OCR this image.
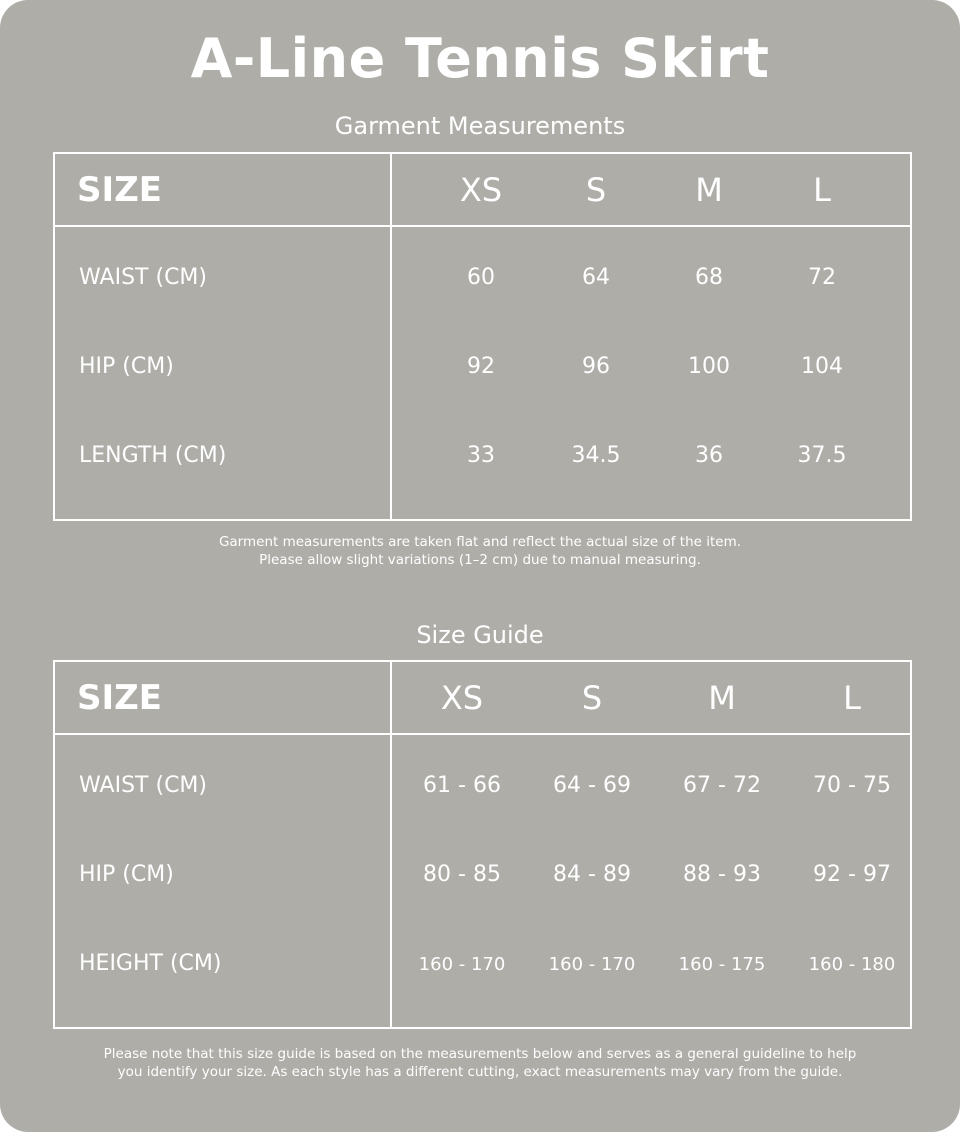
A-Line Tennis Skirt
Garment Measurements
SIZE	XS	S	M	L
WAIST (CM)	60	64	68	72
HIP (CM)	92	96	100	104
LENGTH (CM)	33	34.5	36	37.5
Garment measurements are taken flat and reflect the actual size of the item.
Please allow slight variations (1–2 cm) due to manual measuring.
Size Guide
SIZE	XS	S	M	L
WAIST (CM)	61 - 66	64 - 69	67 - 72	70 - 75
HIP (CM)	80 - 85	84 - 89	88 - 93	92 - 97
HEIGHT (CM)	160 - 170	160 - 170	160 - 175	160 - 180
Please note that this size guide is based on the measurements below and serves as a general guideline to help
you identify your size. As each style has a different cutting, exact measurements may vary from the guide.
